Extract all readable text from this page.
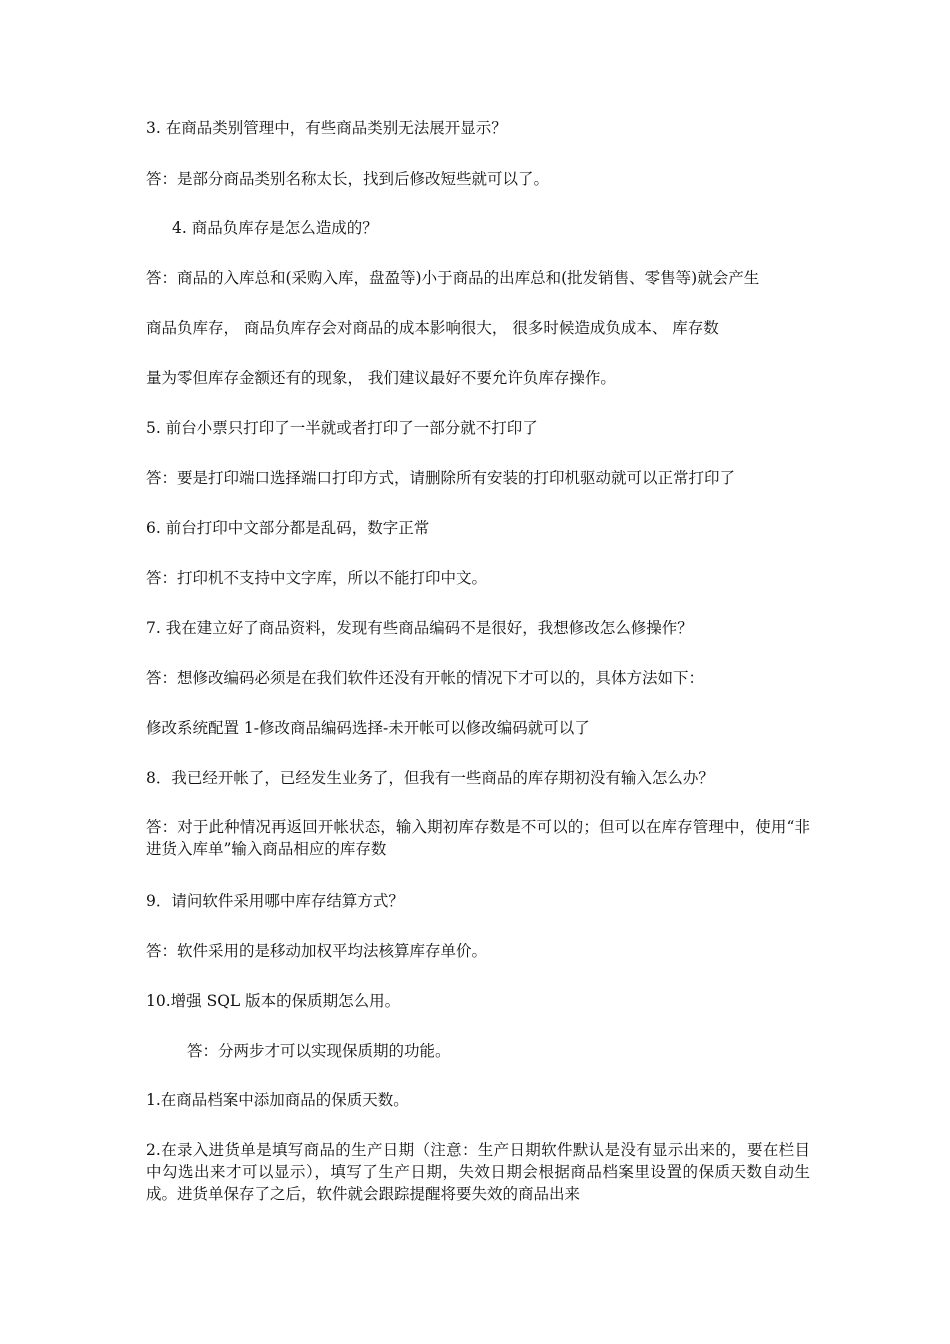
3. 在商品类别管理中，有些商品类别无法展开显示？

答：是部分商品类别名称太长，找到后修改短些就可以了。

4. 商品负库存是怎么造成的？

答：商品的入库总和(采购入库，盘盈等)小于商品的出库总和(批发销售、零售等)就会产生

商品负库存， 商品负库存会对商品的成本影响很大， 很多时候造成负成本、 库存数

量为零但库存金额还有的现象， 我们建议最好不要允许负库存操作。

5. 前台小票只打印了一半就或者打印了一部分就不打印了

答：要是打印端口选择端口打印方式，请删除所有安装的打印机驱动就可以正常打印了

6. 前台打印中文部分都是乱码，数字正常

答：打印机不支持中文字库，所以不能打印中文。

7. 我在建立好了商品资料，发现有些商品编码不是很好，我想修改怎么修操作？

答：想修改编码必须是在我们软件还没有开帐的情况下才可以的，具体方法如下：

修改系统配置 1-修改商品编码选择-未开帐可以修改编码就可以了

8．我已经开帐了，已经发生业务了，但我有一些商品的库存期初没有输入怎么办？

答：对于此种情况再返回开帐状态，输入期初库存数是不可以的；但可以在库存管理中，使用“非进货入库单”输入商品相应的库存数

9．请问软件采用哪中库存结算方式？

答：软件采用的是移动加权平均法核算库存单价。

10.增强 SQL 版本的保质期怎么用。

答：分两步才可以实现保质期的功能。

1.在商品档案中添加商品的保质天数。

2.在录入进货单是填写商品的生产日期（注意：生产日期软件默认是没有显示出来的，要在栏目中勾选出来才可以显示），填写了生产日期，失效日期会根据商品档案里设置的保质天数自动生成。进货单保存了之后，软件就会跟踪提醒将要失效的商品出来
